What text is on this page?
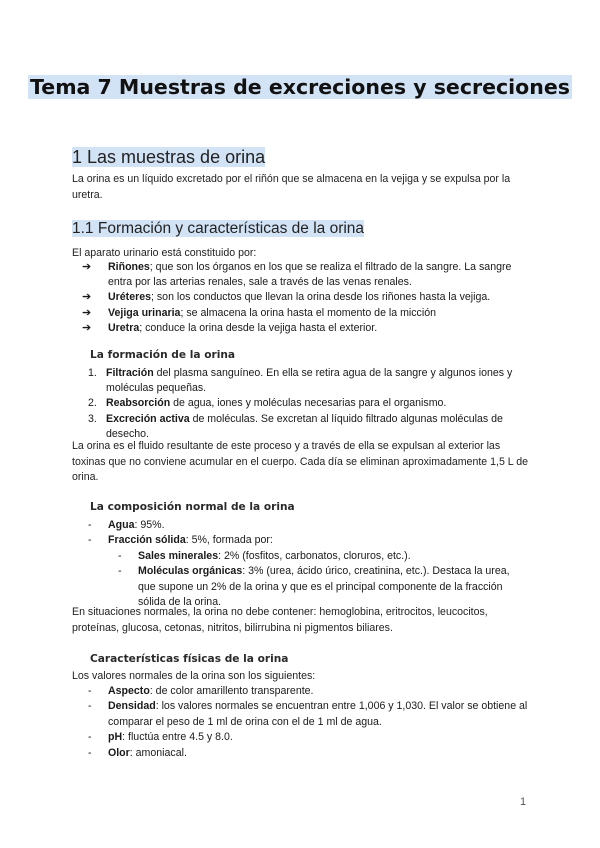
Tema 7 Muestras de excreciones y secreciones
1 Las muestras de orina
La orina es un líquido excretado por el riñón que se almacena en la vejiga y se expulsa por la uretra.
1.1 Formación y características de la orina
El aparato urinario está constituido por:
➔ Riñones; que son los órganos en los que se realiza el filtrado de la sangre. La sangre entra por las arterias renales, sale a través de las venas renales.
➔ Uréteres; son los conductos que llevan la orina desde los riñones hasta la vejiga.
➔ Vejiga urinaria; se almacena la orina hasta el momento de la micción
➔ Uretra; conduce la orina desde la vejiga hasta el exterior.
La formación de la orina
1. Filtración del plasma sanguíneo. En ella se retira agua de la sangre y algunos iones y moléculas pequeñas.
2. Reabsorción de agua, iones y moléculas necesarias para el organismo.
3. Excreción activa de moléculas. Se excretan al líquido filtrado algunas moléculas de desecho.
La orina es el fluido resultante de este proceso y a través de ella se expulsan al exterior las toxinas que no conviene acumular en el cuerpo. Cada día se eliminan aproximadamente 1,5 L de orina.
La composición normal de la orina
- Agua: 95%.
- Fracción sólida: 5%, formada por:
- Sales minerales: 2% (fosfitos, carbonatos, cloruros, etc.).
- Moléculas orgánicas: 3% (urea, ácido úrico, creatinina, etc.). Destaca la urea, que supone un 2% de la orina y que es el principal componente de la fracción sólida de la orina.
En situaciones normales, la orina no debe contener: hemoglobina, eritrocitos, leucocitos, proteínas, glucosa, cetonas, nitritos, bilirrubina ni pigmentos biliares.
Características físicas de la orina
Los valores normales de la orina son los siguientes:
- Aspecto: de color amarillento transparente.
- Densidad: los valores normales se encuentran entre 1,006 y 1,030. El valor se obtiene al comparar el peso de 1 ml de orina con el de 1 ml de agua.
- pH: fluctúa entre 4.5 y 8.0.
- Olor: amoniacal.
1
